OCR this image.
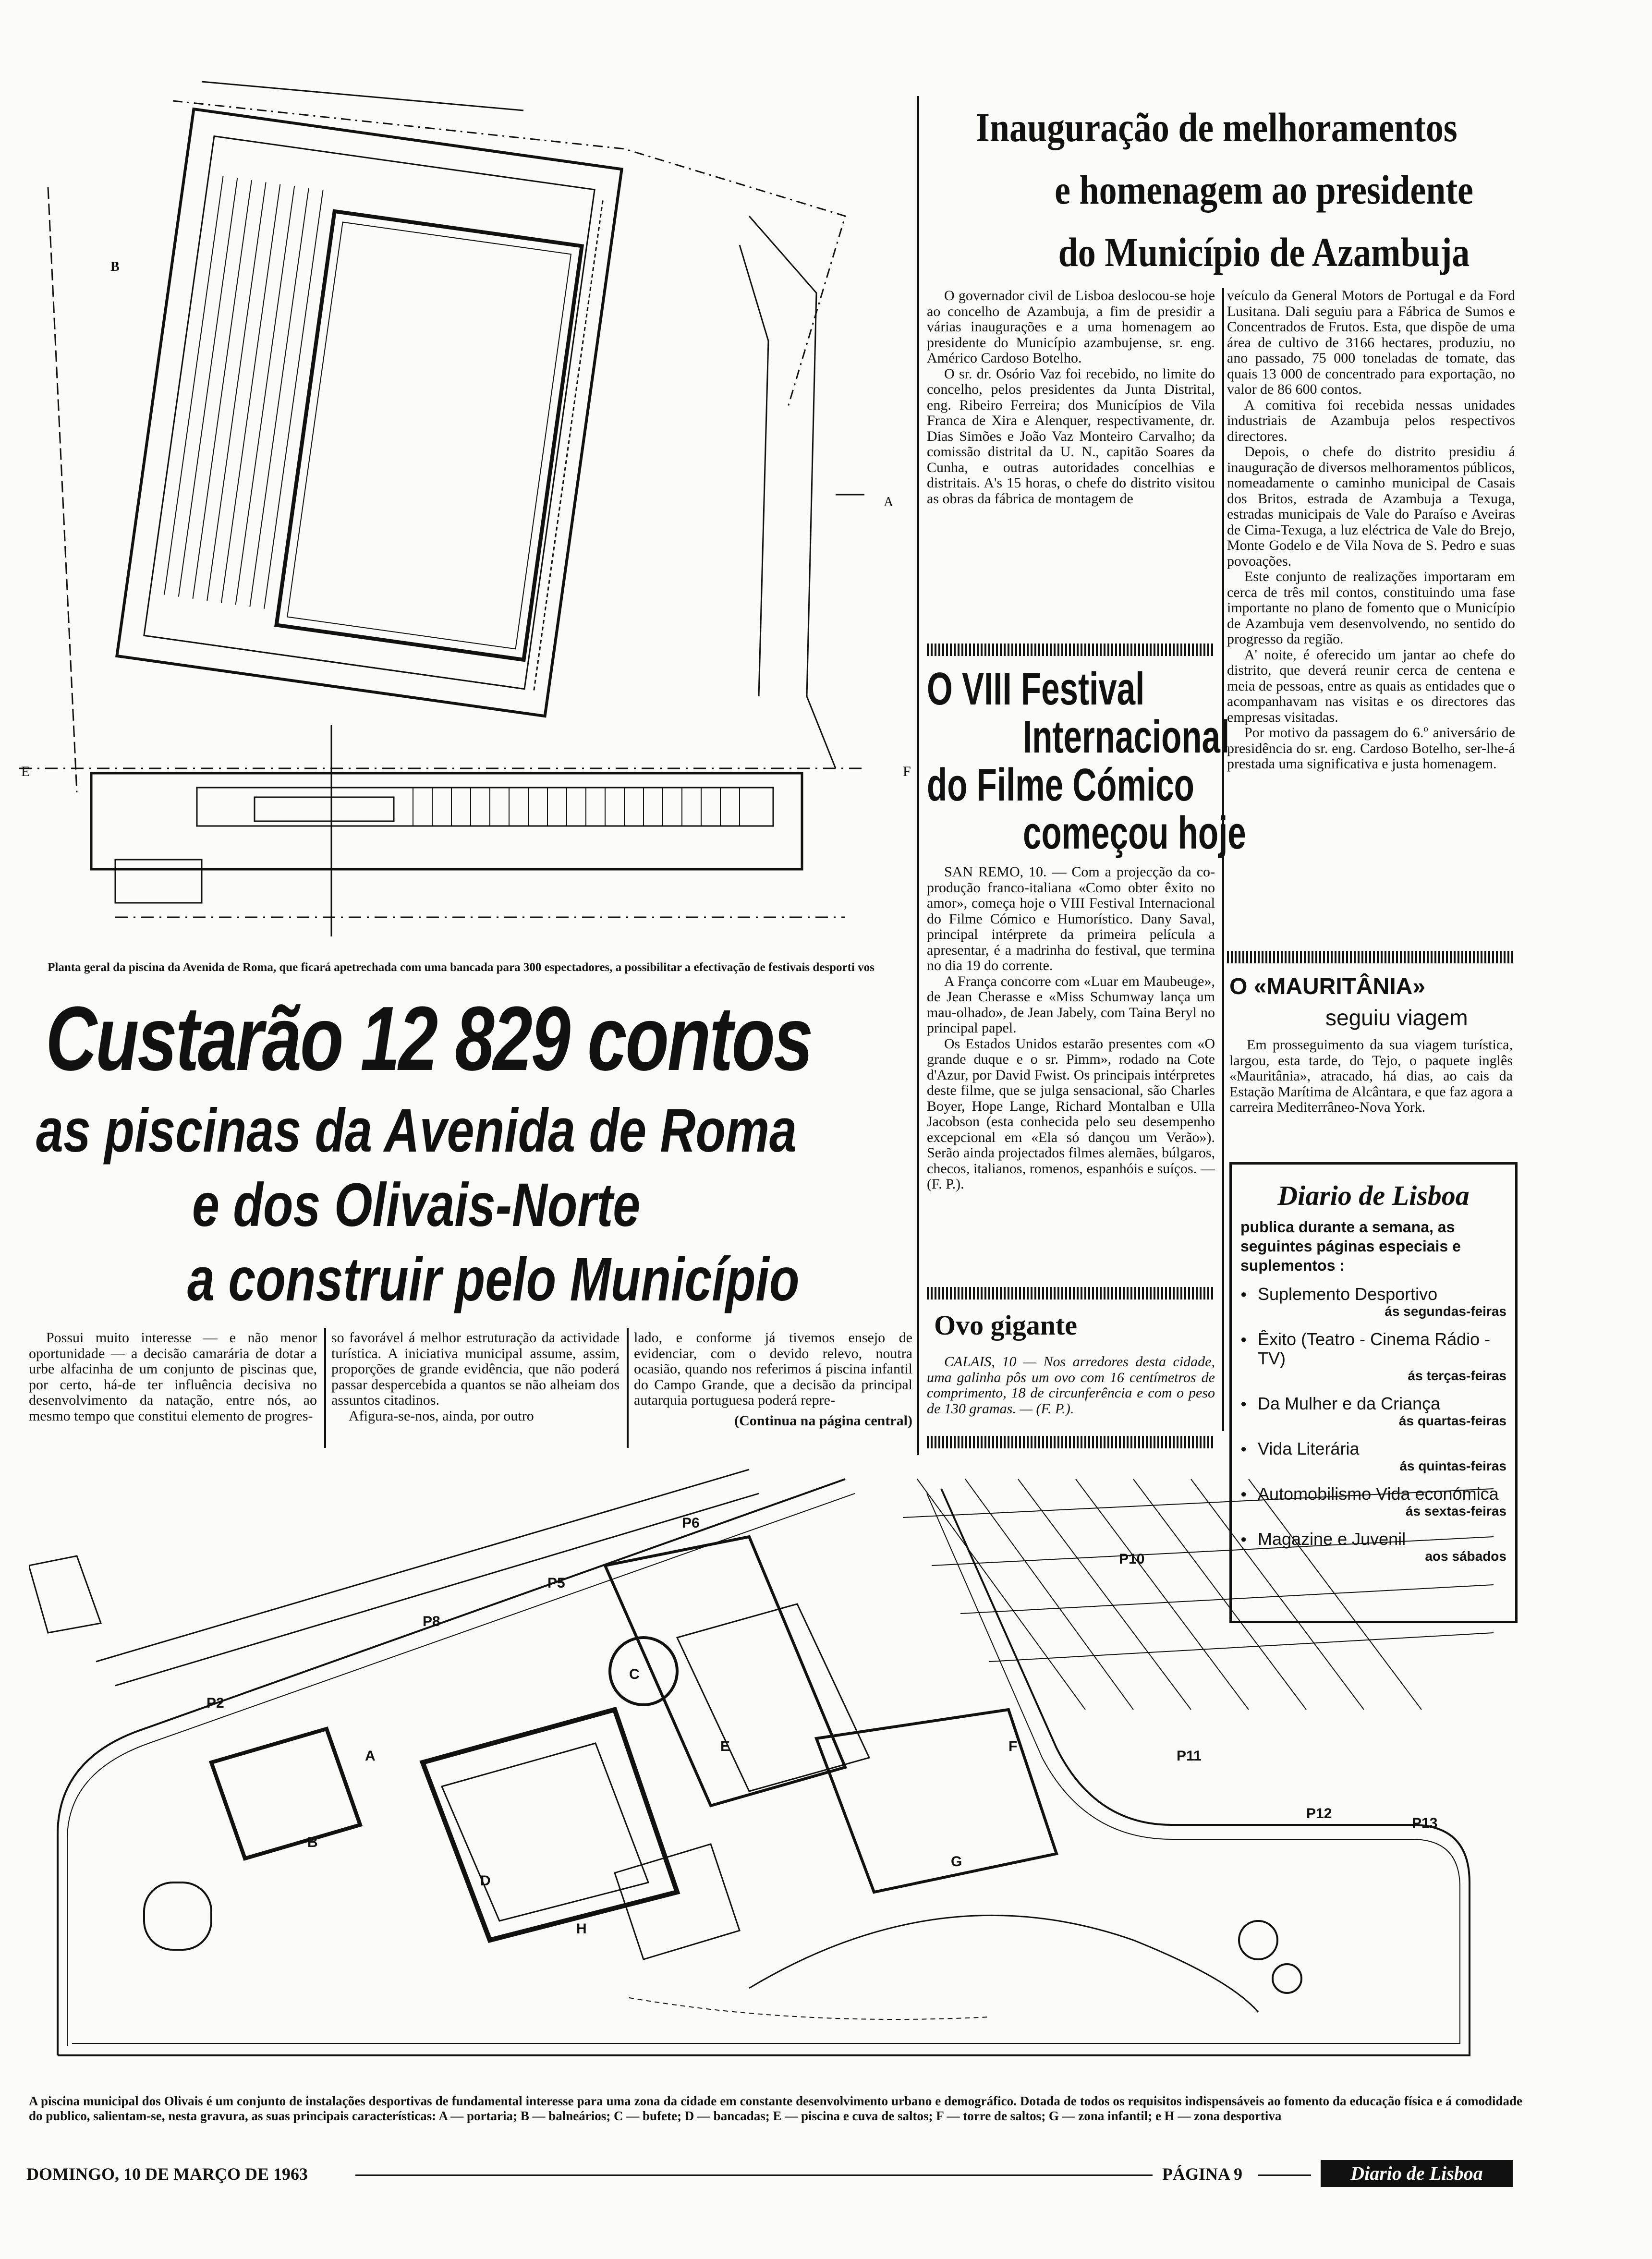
B
A
E	F
Planta geral da piscina da Avenida de Roma, que ficará apetrechada com uma bancada para 300 espectadores, a possibilitar a efectivação de festivais desporti vos
Custarão 12 829 contos
as piscinas da Avenida de Roma
e dos Olivais-Norte
a construir pelo Município

Possui muito interesse — e não menor oportunidade — a decisão camarária de dotar a urbe alfacinha de um conjunto de piscinas que, por certo, há-de ter influência decisiva no desenvolvimento da natação, entre nós, ao mesmo tempo que constitui elemento de progres-

so favorável á melhor estruturação da actividade turística. A iniciativa municipal assume, assim, proporções de grande evidência, que não poderá passar despercebida a quantos se não alheiam dos assuntos citadinos.

Afigura-se-nos, ainda, por outro

lado, e conforme já tivemos ensejo de evidenciar, com o devido relevo, noutra ocasião, quando nos referimos á piscina infantil do Campo Grande, que a decisão da principal autarquia portuguesa poderá repre-

(Continua na página central)
Inauguração de melhoramentos
e homenagem ao presidente
do Município de Azambuja

O governador civil de Lisboa deslocou-se hoje ao concelho de Azambuja, a fim de presidir a várias inaugurações e a uma homenagem ao presidente do Município azambujense, sr. eng. Américo Cardoso Botelho.

O sr. dr. Osório Vaz foi recebido, no limite do concelho, pelos presidentes da Junta Distrital, eng. Ribeiro Ferreira; dos Municípios de Vila Franca de Xira e Alenquer, respectivamente, dr. Dias Simões e João Vaz Monteiro Carvalho; da comissão distrital da U. N., capitão Soares da Cunha, e outras autoridades concelhias e distritais. A's 15 horas, o chefe do distrito visitou as obras da fábrica de montagem de

veículo da General Motors de Portugal e da Ford Lusitana. Dali seguiu para a Fábrica de Sumos e Concentrados de Frutos. Esta, que dispõe de uma área de cultivo de 3166 hectares, produziu, no ano passado, 75 000 toneladas de tomate, das quais 13 000 de concentrado para exportação, no valor de 86 600 contos.

A comitiva foi recebida nessas unidades industriais de Azambuja pelos respectivos directores.

Depois, o chefe do distrito presidiu á inauguração de diversos melhoramentos públicos, nomeadamente o caminho municipal de Casais dos Britos, estrada de Azambuja a Texuga, estradas municipais de Vale do Paraíso e Aveiras de Cima-Texuga, a luz eléctrica de Vale do Brejo, Monte Godelo e de Vila Nova de S. Pedro e suas povoações.

Este conjunto de realizações importaram em cerca de três mil contos, constituindo uma fase importante no plano de fomento que o Município de Azambuja vem desenvolvendo, no sentido do progresso da região.

A' noite, é oferecido um jantar ao chefe do distrito, que deverá reunir cerca de centena e meia de pessoas, entre as quais as entidades que o acompanhavam nas visitas e os directores das empresas visitadas.

Por motivo da passagem do 6.º aniversário de presidência do sr. eng. Cardoso Botelho, ser-lhe-á prestada uma significativa e justa homenagem.

O VIII Festival
Internacional
do Filme Cómico
começou hoje

SAN REMO, 10. — Com a projecção da co-produção franco-italiana «Como obter êxito no amor», começa hoje o VIII Festival Internacional do Filme Cómico e Humorístico. Dany Saval, principal intérprete da primeira película a apresentar, é a madrinha do festival, que termina no dia 19 do corrente.

A França concorre com «Luar em Maubeuge», de Jean Cherasse e «Miss Schumway lança um mau-olhado», de Jean Jabely, com Taina Beryl no principal papel.

Os Estados Unidos estarão presentes com «O grande duque e o sr. Pimm», rodado na Cote d'Azur, por David Fwist. Os principais intérpretes deste filme, que se julga sensacional, são Charles Boyer, Hope Lange, Richard Montalban e Ulla Jacobson (esta conhecida pelo seu desempenho excepcional em «Ela só dançou um Verão»). Serão ainda projectados filmes alemães, búlgaros, checos, italianos, romenos, espanhóis e suíços. — (F. P.).

Ovo gigante

CALAIS, 10 — Nos arredores desta cidade, uma galinha pôs um ovo com 16 centímetros de comprimento, 18 de circunferência e com o peso de 130 gramas. — (F. P.).

O «MAURITÂNIA»
seguiu viagem

Em prosseguimento da sua viagem turística, largou, esta tarde, do Tejo, o paquete inglês «Mauritânia», atracado, há dias, ao cais da Estação Marítima de Alcântara, e que faz agora a carreira Mediterrâneo-Nova York.

Diario de Lisboa
publica durante a semana, as seguintes páginas especiais e suplementos :
● Suplemento Desportivo
ás segundas-feiras
● Êxito (Teatro - Cinema Rádio - TV)
ás terças-feiras
● Da Mulher e da Criança
ás quartas-feiras
● Vida Literária
ás quintas-feiras
● Automobilismo Vida económica
ás sextas-feiras
● Magazine e Juvenil
aos sábados
P5
P6
P8
P2
P10
P11
P12
P13
C
A
B
D
E	F
G
H
A piscina municipal dos Olivais é um conjunto de instalações desportivas de fundamental interesse para uma zona da cidade em constante desenvolvimento urbano e demográfico. Dotada de todos os requisitos indispensáveis ao fomento da educação física e á comodidade do publico, salientam-se, nesta gravura, as suas principais características: A — portaria; B — balneários; C — bufete; D — bancadas; E — piscina e cuva de saltos; F — torre de saltos; G — zona infantil; e H — zona desportiva
DOMINGO, 10 DE MARÇO DE 1963	PÁGINA 9	Diario de Lisboa
